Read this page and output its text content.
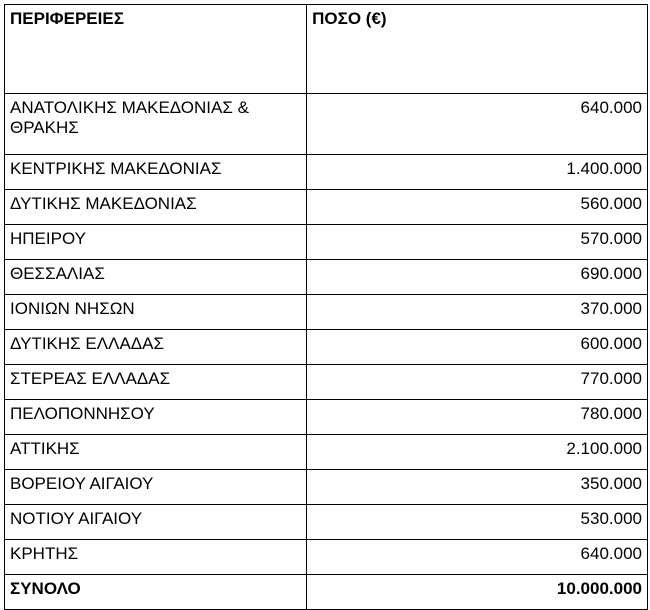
ΠΕΡΙΦΕΡΕΙΕΣ	ΠΟΣΟ (€)

ΑΝΑΤΟΛΙΚΗΣ ΜΑΚΕΔΟΝΙΑΣ &
ΘΡΑΚΗΣ	640.000
ΚΕΝΤΡΙΚΗΣ ΜΑΚΕΔΟΝΙΑΣ	1.400.000
ΔΥΤΙΚΗΣ ΜΑΚΕΔΟΝΙΑΣ	560.000
ΗΠΕΙΡΟΥ	570.000
ΘΕΣΣΑΛΙΑΣ	690.000
ΙΟΝΙΩΝ ΝΗΣΩΝ	370.000
ΔΥΤΙΚΗΣ ΕΛΛΑΔΑΣ	600.000
ΣΤΕΡΕΑΣ ΕΛΛΑΔΑΣ	770.000
ΠΕΛΟΠΟΝΝΗΣΟΥ	780.000
ΑΤΤΙΚΗΣ	2.100.000
ΒΟΡΕΙΟΥ ΑΙΓΑΙΟΥ	350.000
ΝΟΤΙΟΥ ΑΙΓΑΙΟΥ	530.000
ΚΡΗΤΗΣ	640.000
ΣΥΝΟΛΟ	10.000.000
